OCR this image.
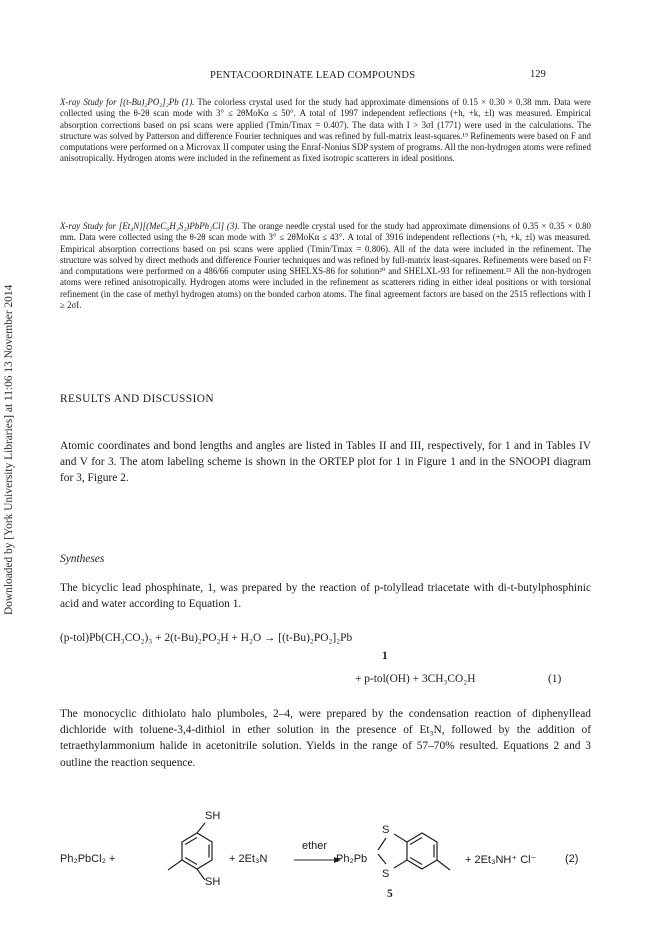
Downloaded by [York University Libraries] at 11:06 13 November 2014
PENTACOORDINATE LEAD COMPOUNDS	129
X-ray Study for [(t-Bu)₂PO₂]₂Pb (1). The colorless crystal used for the study had approximate dimensions of 0.15 × 0.30 × 0.38 mm. Data were collected using the θ-2θ scan mode with 3° ≤ 2θMoKα ≤ 50°. A total of 1997 independent reflections (+h, +k, ±l) was measured. Empirical absorption corrections based on psi scans were applied (Tmin/Tmax = 0.407). The data with I > 3σI (1771) were used in the calculations. The structure was solved by Patterson and difference Fourier techniques and was refined by full-matrix least-squares.¹⁹ Refinements were based on F and computations were performed on a Microvax II computer using the Enraf-Nonius SDP system of programs. All the non-hydrogen atoms were refined anisotropically. Hydrogen atoms were included in the refinement as fixed isotropic scatterers in ideal positions.
X-ray Study for [Et₄N][(MeC₆H₃S₂)PbPh₂Cl] (3). The orange needle crystal used for the study had approximate dimensions of 0.35 × 0.35 × 0.80 mm. Data were collected using the θ-2θ scan mode with 3° ≤ 2θMoKα ≤ 43°. A total of 3916 independent reflections (+h, +k, ±l) was measured. Empirical absorption corrections based on psi scans were applied (Tmin/Tmax = 0.806). All of the data were included in the refinement. The structure was solved by direct methods and difference Fourier techniques and was refined by full-matrix least-squares. Refinements were based on F² and computations were performed on a 486/66 computer using SHELXS-86 for solution²⁰ and SHELXL-93 for refinement.²¹ All the non-hydrogen atoms were refined anisotropically. Hydrogen atoms were included in the refinement as scatterers riding in either ideal positions or with torsional refinement (in the case of methyl hydrogen atoms) on the bonded carbon atoms. The final agreement factors are based on the 2515 reflections with I ≥ 2σI.
RESULTS AND DISCUSSION
Atomic coordinates and bond lengths and angles are listed in Tables II and III, respectively, for 1 and in Tables IV and V for 3. The atom labeling scheme is shown in the ORTEP plot for 1 in Figure 1 and in the SNOOPI diagram for 3, Figure 2.
Syntheses
The bicyclic lead phosphinate, 1, was prepared by the reaction of p-tolyllead triacetate with di-t-butylphosphinic acid and water according to Equation 1.
(p-tol)Pb(CH₃CO₂)₃ + 2(t-Bu)₂PO₂H + H₂O → [(t-Bu)₂PO₂]₂Pb
1
+ p-tol(OH) + 3CH₃CO₂H	(1)
The monocyclic dithiolato halo plumboles, 2–4, were prepared by the condensation reaction of diphenyllead dichloride with toluene-3,4-dithiol in ether solution in the presence of Et₃N, followed by the addition of tetraethylammonium halide in acetonitrile solution. Yields in the range of 57–70% resulted. Equations 2 and 3 outline the reaction sequence.
Ph₂PbCl₂ +
SH
SH
+ 2Et₃N
ether
Ph₂Pb
S
S
+ 2Et₃NH⁺ Cl⁻	(2)
5
